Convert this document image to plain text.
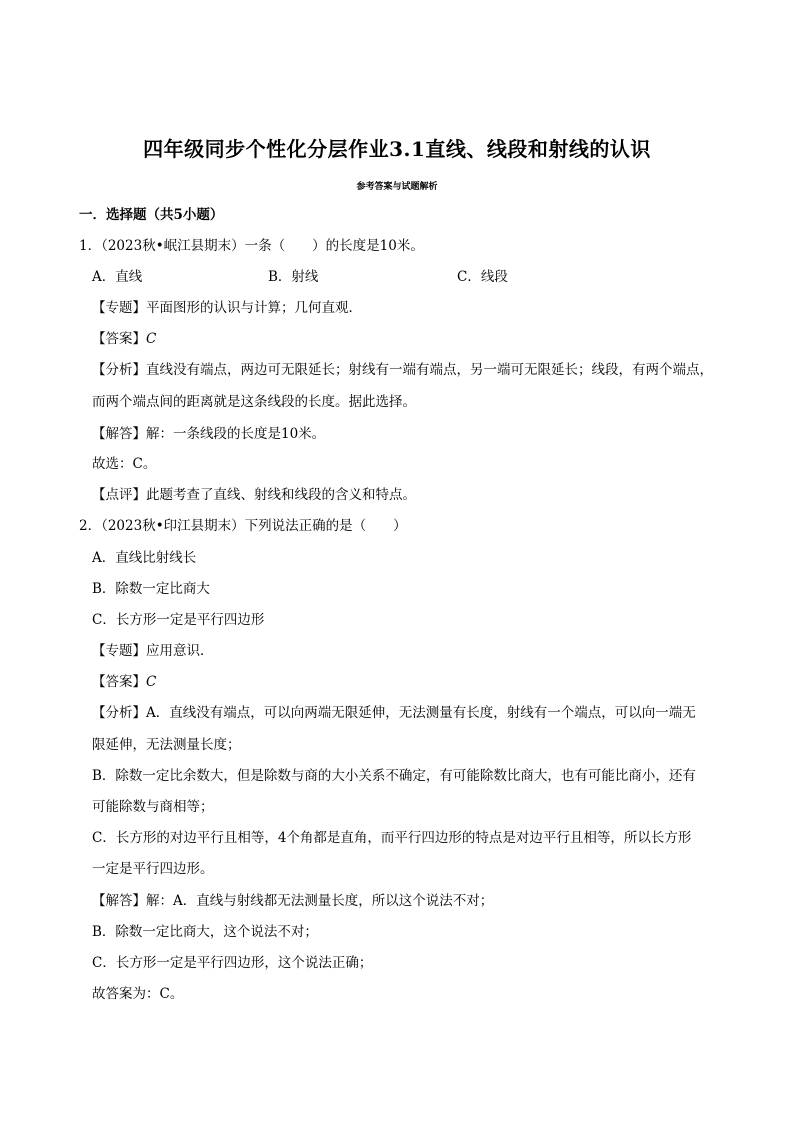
四年级同步个性化分层作业3.1直线、线段和射线的认识
参考答案与试题解析
一．选择题（共5小题）
1．（2023秋•岷江县期末）一条（　　）的长度是10米。
A．直线	B．射线	C．线段
【专题】平面图形的认识与计算；几何直观．
【答案】C
【分析】直线没有端点，两边可无限延长；射线有一端有端点，另一端可无限延长；线段，有两个端点，
而两个端点间的距离就是这条线段的长度。据此选择。
【解答】解：一条线段的长度是10米。
故选：C。
【点评】此题考查了直线、射线和线段的含义和特点。
2．（2023秋•印江县期末）下列说法正确的是（　　）
A．直线比射线长
B．除数一定比商大
C．长方形一定是平行四边形
【专题】应用意识．
【答案】C
【分析】A．直线没有端点，可以向两端无限延伸，无法测量有长度，射线有一个端点，可以向一端无
限延伸，无法测量长度；
B．除数一定比余数大，但是除数与商的大小关系不确定，有可能除数比商大，也有可能比商小，还有
可能除数与商相等；
C．长方形的对边平行且相等，4个角都是直角，而平行四边形的特点是对边平行且相等，所以长方形
一定是平行四边形。
【解答】解：A．直线与射线都无法测量长度，所以这个说法不对；
B．除数一定比商大，这个说法不对；
C．长方形一定是平行四边形，这个说法正确；
故答案为：C。
